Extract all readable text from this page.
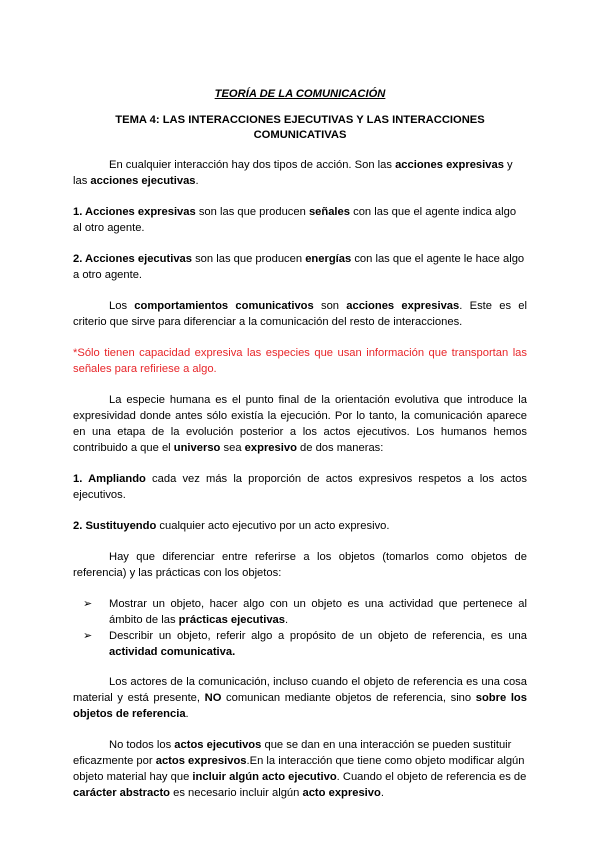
TEORÍA DE LA COMUNICACIÓN
TEMA 4: LAS INTERACCIONES EJECUTIVAS Y LAS INTERACCIONES COMUNICATIVAS

En cualquier interacción hay dos tipos de acción. Son las acciones expresivas y las acciones ejecutivas.

1. Acciones expresivas son las que producen señales con las que el agente indica algo al otro agente.

2. Acciones ejecutivas son las que producen energías con las que el agente le hace algo a otro agente.

Los comportamientos comunicativos son acciones expresivas. Este es el criterio que sirve para diferenciar a la comunicación del resto de interacciones.

*Sólo tienen capacidad expresiva las especies que usan información que transportan las señales para refiriese a algo.

La especie humana es el punto final de la orientación evolutiva que introduce la expresividad donde antes sólo existía la ejecución. Por lo tanto, la comunicación aparece en una etapa de la evolución posterior a los actos ejecutivos. Los humanos hemos contribuido a que el universo sea expresivo de dos maneras:

1. Ampliando cada vez más la proporción de actos expresivos respetos a los actos ejecutivos.

2. Sustituyendo cualquier acto ejecutivo por un acto expresivo.

Hay que diferenciar entre referirse a los objetos (tomarlos como objetos de referencia) y las prácticas con los objetos:

➢ Mostrar un objeto, hacer algo con un objeto es una actividad que pertenece al ámbito de las prácticas ejecutivas.
➢ Describir un objeto, referir algo a propósito de un objeto de referencia, es una actividad comunicativa.

Los actores de la comunicación, incluso cuando el objeto de referencia es una cosa material y está presente, NO comunican mediante objetos de referencia, sino sobre los objetos de referencia.

No todos los actos ejecutivos que se dan en una interacción se pueden sustituir eficazmente por actos expresivos.En la interacción que tiene como objeto modificar algún objeto material hay que incluir algún acto ejecutivo. Cuando el objeto de referencia es de carácter abstracto es necesario incluir algún acto expresivo.
